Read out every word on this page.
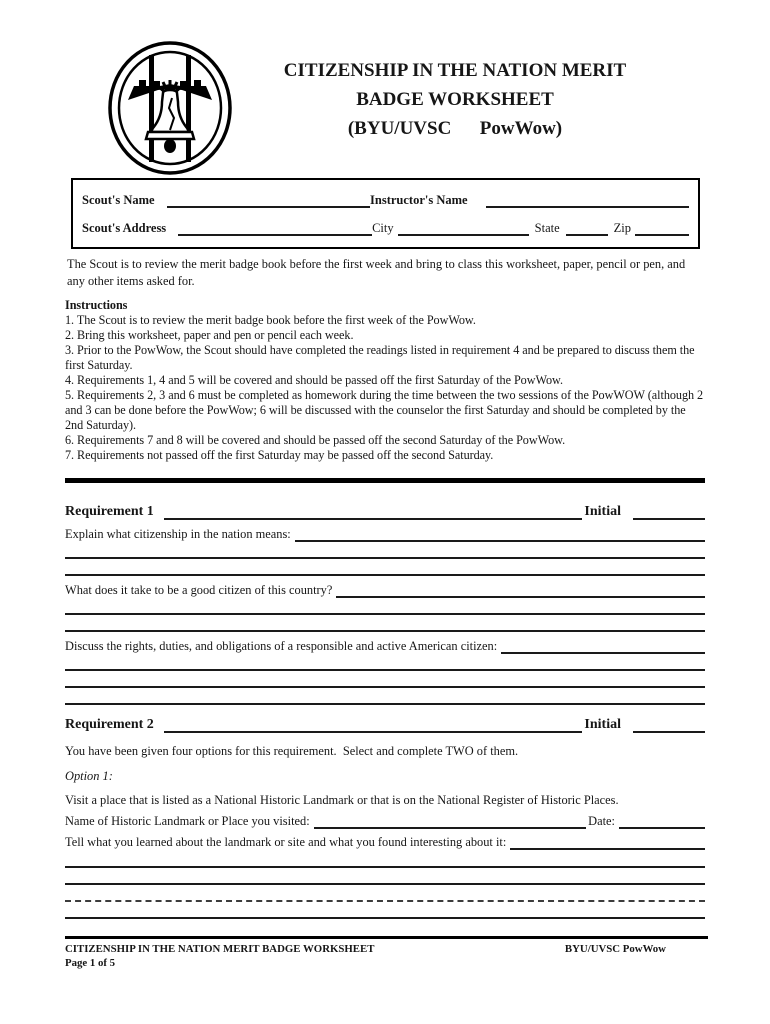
CITIZENSHIP IN THE NATION MERIT
BADGE WORKSHEET
(BYU/UVSC      PowWow)
Scout's Name	Instructor's Name
Scout's Address	City	State	Zip

The Scout is to review the merit badge book before the first week and bring to class this worksheet, paper, pencil or pen, and any other items asked for.

Instructions
1. The Scout is to review the merit badge book before the first week of the PowWow.
2. Bring this worksheet, paper and pen or pencil each week.
3. Prior to the PowWow, the Scout should have completed the readings listed in requirement 4 and be prepared to discuss them the first Saturday.
4. Requirements 1, 4 and 5 will be covered and should be passed off the first Saturday of the PowWow.
5. Requirements 2, 3 and 6 must be completed as homework during the time between the two sessions of the PowWOW (although 2 and 3 can be done before the PowWow; 6 will be discussed with the counselor the first Saturday and should be completed by the 2nd Saturday).
6. Requirements 7 and 8 will be covered and should be passed off the second Saturday of the PowWow.
7. Requirements not passed off the first Saturday may be passed off the second Saturday.
Requirement 1	Initial
Explain what citizenship in the nation means:
What does it take to be a good citizen of this country?
Discuss the rights, duties, and obligations of a responsible and active American citizen:
Requirement 2	Initial

You have been given four options for this requirement.  Select and complete TWO of them.

Option 1:

Visit a place that is listed as a National Historic Landmark or that is on the National Register of Historic Places.

Name of Historic Landmark or Place you visited:	Date:
Tell what you learned about the landmark or site and what you found interesting about it:
CITIZENSHIP IN THE NATION MERIT BADGE WORKSHEET	BYU/UVSC PowWow
Page 1 of 5
